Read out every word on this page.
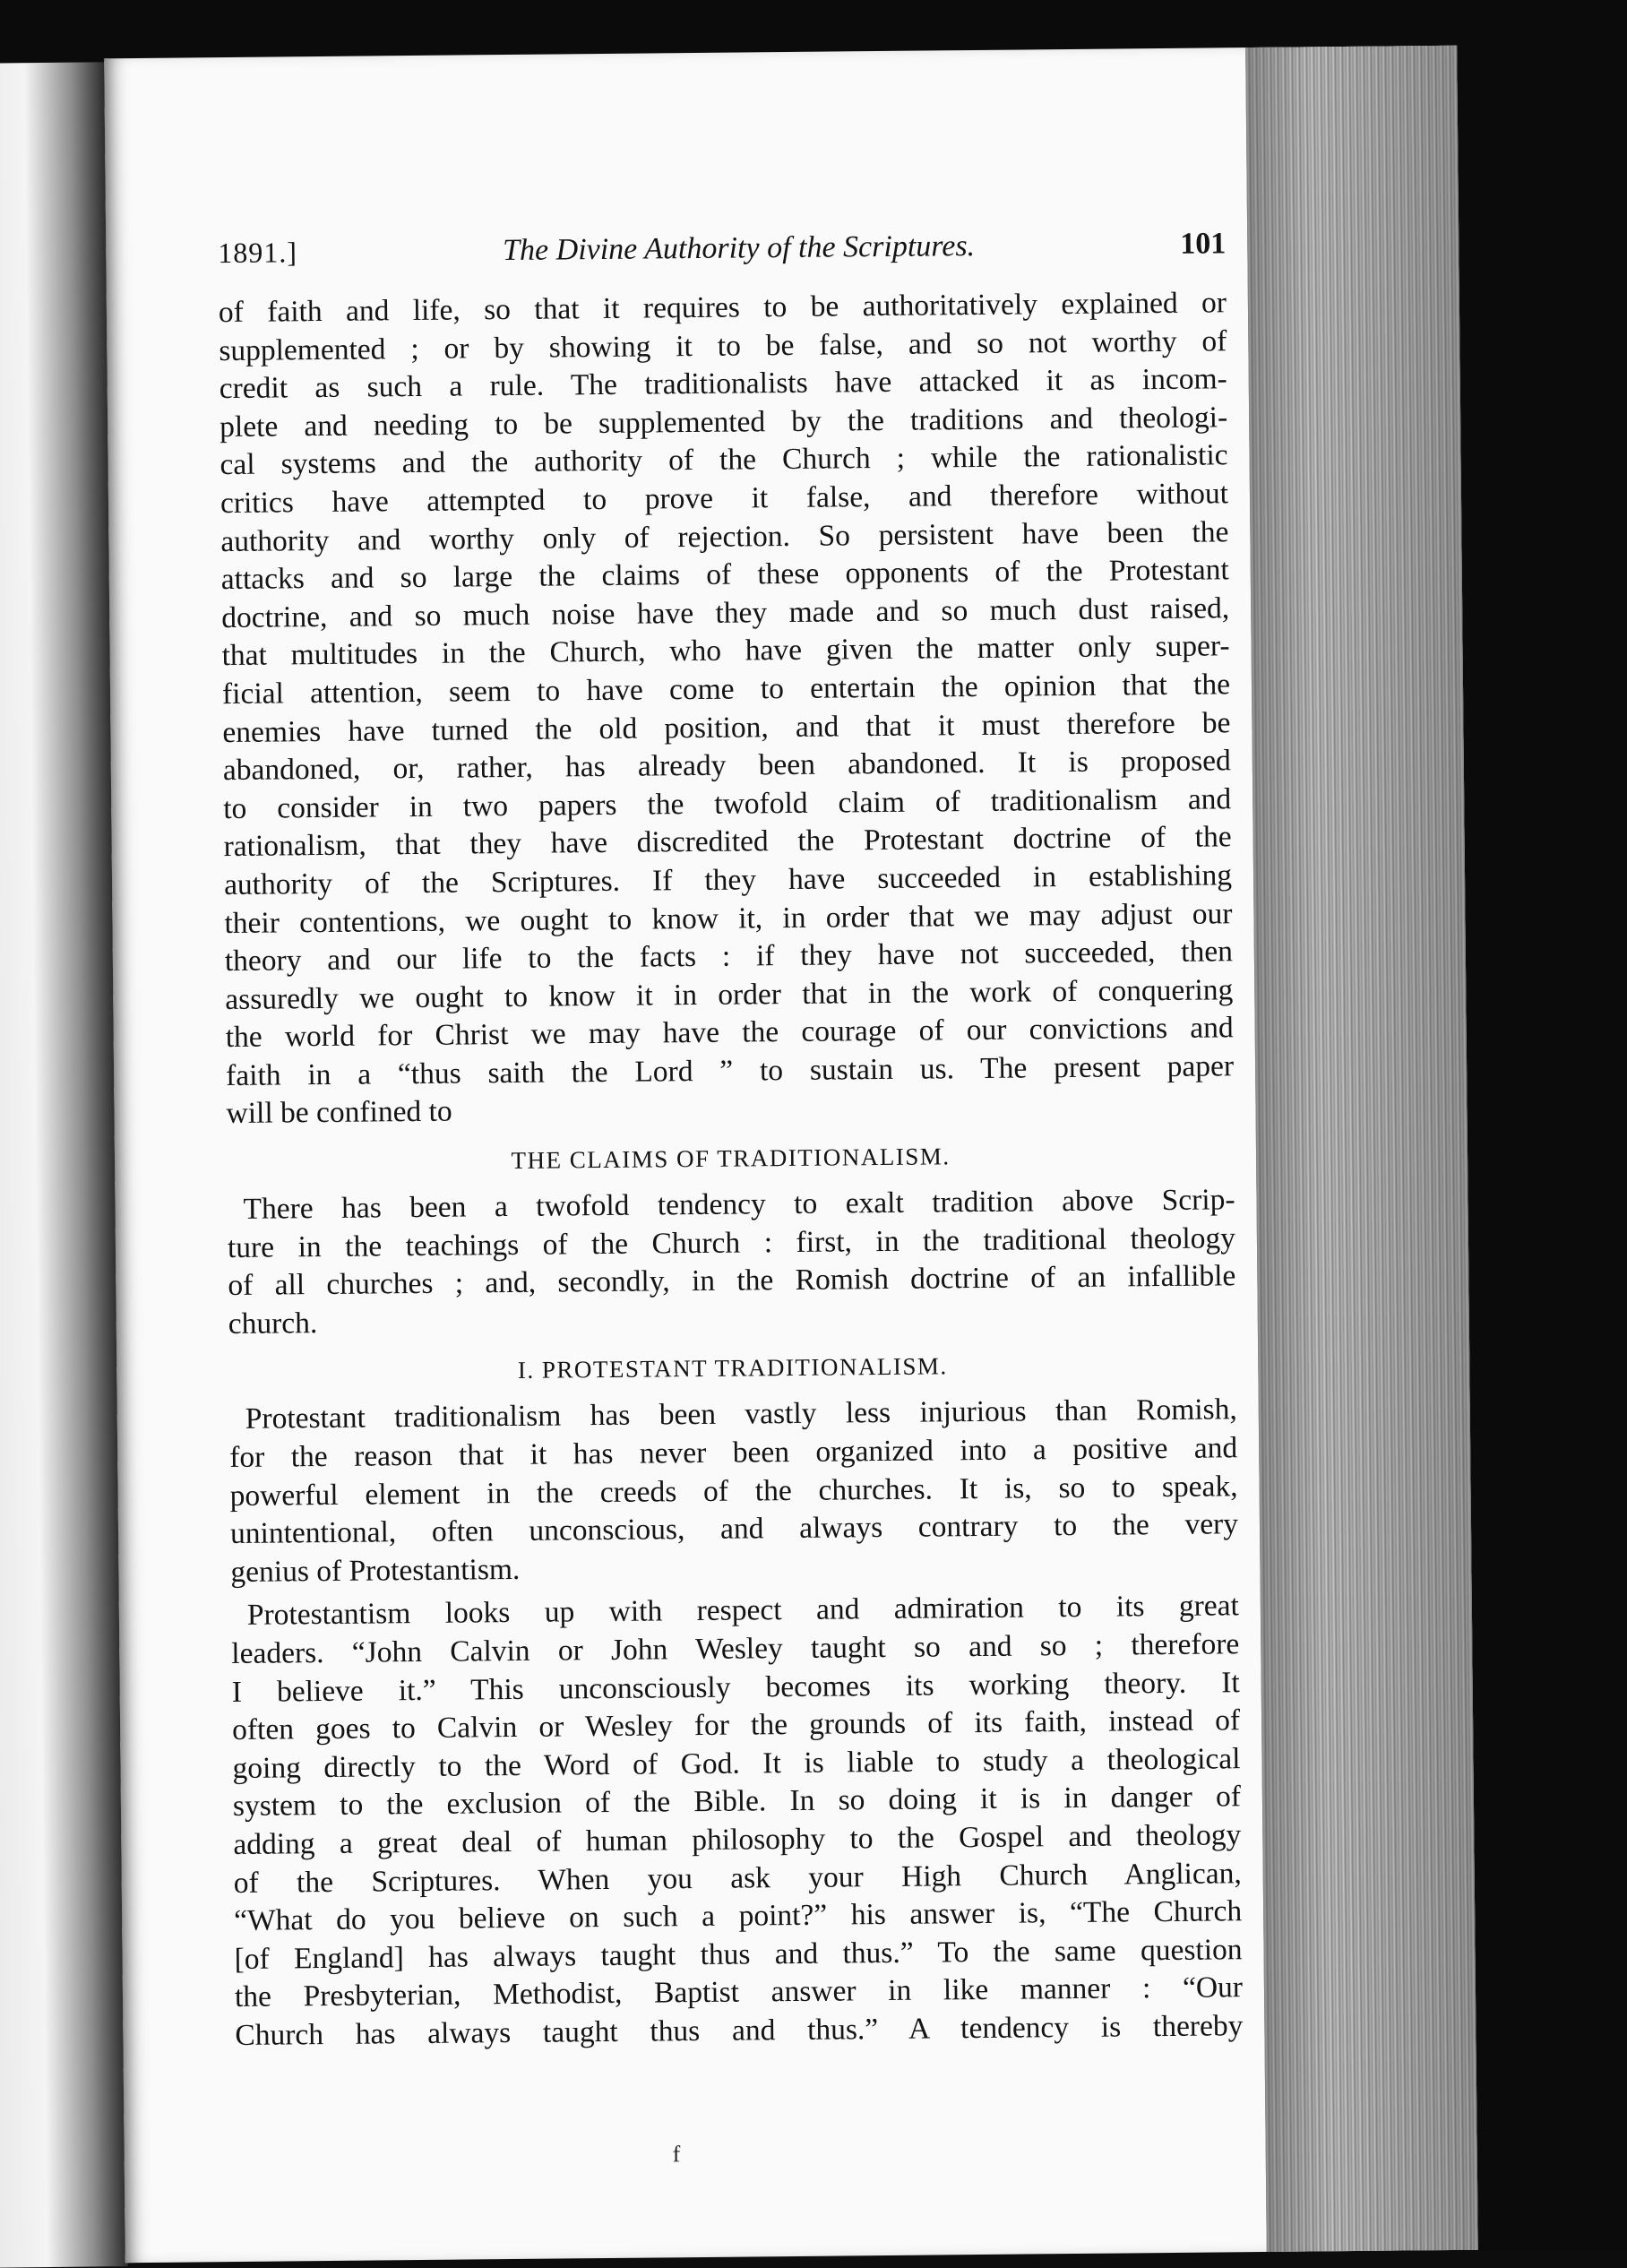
1891.]	The Divine Authority of the Scriptures.	101
of faith and life, so that it requires to be authoritatively explained or
supplemented ; or by showing it to be false, and so not worthy of
credit as such a rule. The traditionalists have attacked it as incom-
plete and needing to be supplemented by the traditions and theologi-
cal systems and the authority of the Church ; while the rationalistic
critics have attempted to prove it false, and therefore without
authority and worthy only of rejection. So persistent have been the
attacks and so large the claims of these opponents of the Protestant
doctrine, and so much noise have they made and so much dust raised,
that multitudes in the Church, who have given the matter only super-
ficial attention, seem to have come to entertain the opinion that the
enemies have turned the old position, and that it must therefore be
abandoned, or, rather, has already been abandoned. It is proposed
to consider in two papers the twofold claim of traditionalism and
rationalism, that they have discredited the Protestant doctrine of the
authority of the Scriptures. If they have succeeded in establishing
their contentions, we ought to know it, in order that we may adjust our
theory and our life to the facts : if they have not succeeded, then
assuredly we ought to know it in order that in the work of conquering
the world for Christ we may have the courage of our convictions and
faith in a “thus saith the Lord ” to sustain us. The present paper
will be confined to
THE CLAIMS OF TRADITIONALISM.
There has been a twofold tendency to exalt tradition above Scrip-
ture in the teachings of the Church : first, in the traditional theology
of all churches ; and, secondly, in the Romish doctrine of an infallible
church.
I. PROTESTANT TRADITIONALISM.
Protestant traditionalism has been vastly less injurious than Romish,
for the reason that it has never been organized into a positive and
powerful element in the creeds of the churches. It is, so to speak,
unintentional, often unconscious, and always contrary to the very
genius of Protestantism.
Protestantism looks up with respect and admiration to its great
leaders. “John Calvin or John Wesley taught so and so ; therefore
I believe it.” This unconsciously becomes its working theory. It
often goes to Calvin or Wesley for the grounds of its faith, instead of
going directly to the Word of God. It is liable to study a theological
system to the exclusion of the Bible. In so doing it is in danger of
adding a great deal of human philosophy to the Gospel and theology
of the Scriptures. When you ask your High Church Anglican,
“What do you believe on such a point?” his answer is, “The Church
[of England] has always taught thus and thus.” To the same question
the Presbyterian, Methodist, Baptist answer in like manner : “Our
Church has always taught thus and thus.” A tendency is thereby
f
